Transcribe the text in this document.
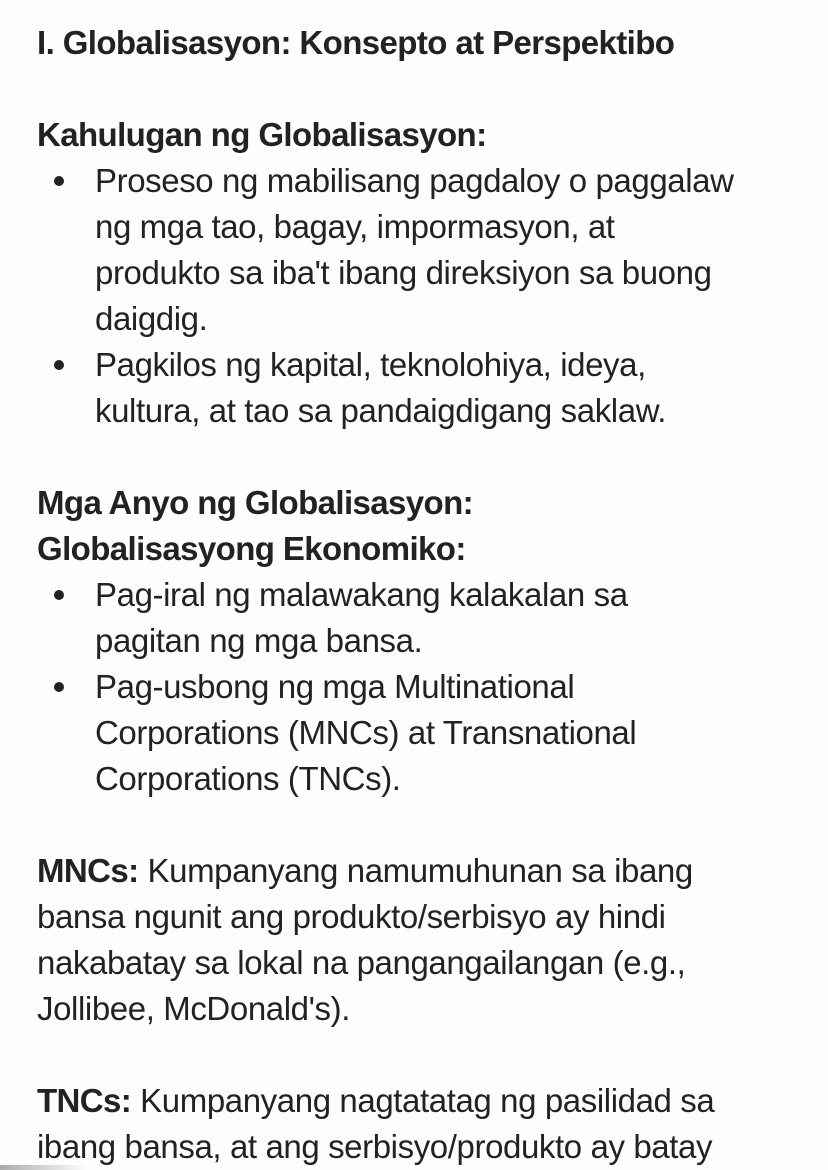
I. Globalisasyon: Konsepto at Perspektibo
Kahulugan ng Globalisasyon:
Proseso ng mabilisang pagdaloy o paggalaw
ng mga tao, bagay, impormasyon, at
produkto sa iba't ibang direksiyon sa buong
daigdig.
Pagkilos ng kapital, teknolohiya, ideya,
kultura, at tao sa pandaigdigang saklaw.
Mga Anyo ng Globalisasyon:
Globalisasyong Ekonomiko:
Pag-iral ng malawakang kalakalan sa
pagitan ng mga bansa.
Pag-usbong ng mga Multinational
Corporations (MNCs) at Transnational
Corporations (TNCs).
MNCs: Kumpanyang namumuhunan sa ibang
bansa ngunit ang produkto/serbisyo ay hindi
nakabatay sa lokal na pangangailangan (e.g.,
Jollibee, McDonald's).
TNCs: Kumpanyang nagtatatag ng pasilidad sa
ibang bansa, at ang serbisyo/produkto ay batay
